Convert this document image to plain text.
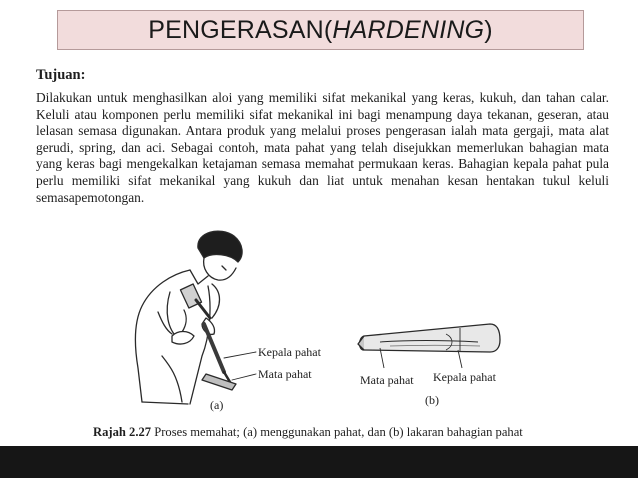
PENGERASAN( HARDENING )
Tujuan:
Dilakukan untuk menghasilkan aloi yang memiliki sifat mekanikal yang keras, kukuh, dan tahan calar. Keluli atau komponen perlu memiliki sifat mekanikal ini bagi menampung daya tekanan, geseran, atau lelasan semasa digunakan. Antara produk yang melalui proses pengerasan ialah mata gergaji, mata alat gerudi, spring, dan aci. Sebagai contoh, mata pahat yang telah disejukkan memerlukan bahagian mata yang keras bagi mengekalkan ketajaman semasa memahat permukaan keras. Bahagian kepala pahat pula perlu memiliki sifat mekanikal yang kukuh dan liat untuk menahan kesan hentakan tukul keluli semasapemotongan.
Kepala pahat
Mata pahat
(a)
Mata pahat Kepala pahat
(b)
Rajah 2.27 Proses memahat; (a) menggunakan pahat, dan (b) lakaran bahagian pahat
